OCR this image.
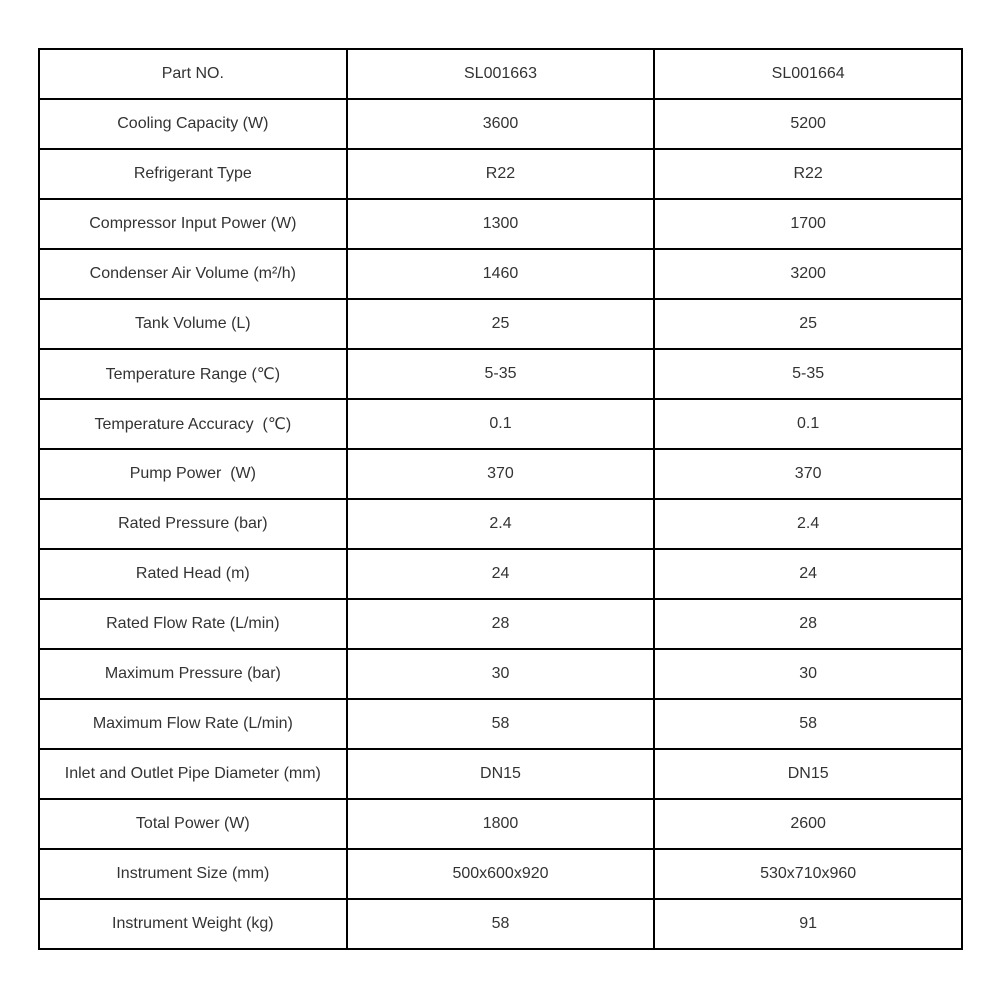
Part NO.	SL001663	SL001664
Cooling Capacity (W)	3600	5200
Refrigerant Type	R22	R22
Compressor Input Power (W)	1300	1700
Condenser Air Volume (m²/h)	1460	3200
Tank Volume (L)	25	25
Temperature Range (℃)	5-35	5-35
Temperature Accuracy  (℃)	0.1	0.1
Pump Power  (W)	370	370
Rated Pressure (bar)	2.4	2.4
Rated Head (m)	24	24
Rated Flow Rate (L/min)	28	28
Maximum Pressure (bar)	30	30
Maximum Flow Rate (L/min)	58	58
Inlet and Outlet Pipe Diameter (mm)	DN15	DN15
Total Power (W)	1800	2600
Instrument Size (mm)	500x600x920	530x710x960
Instrument Weight (kg)	58	91
